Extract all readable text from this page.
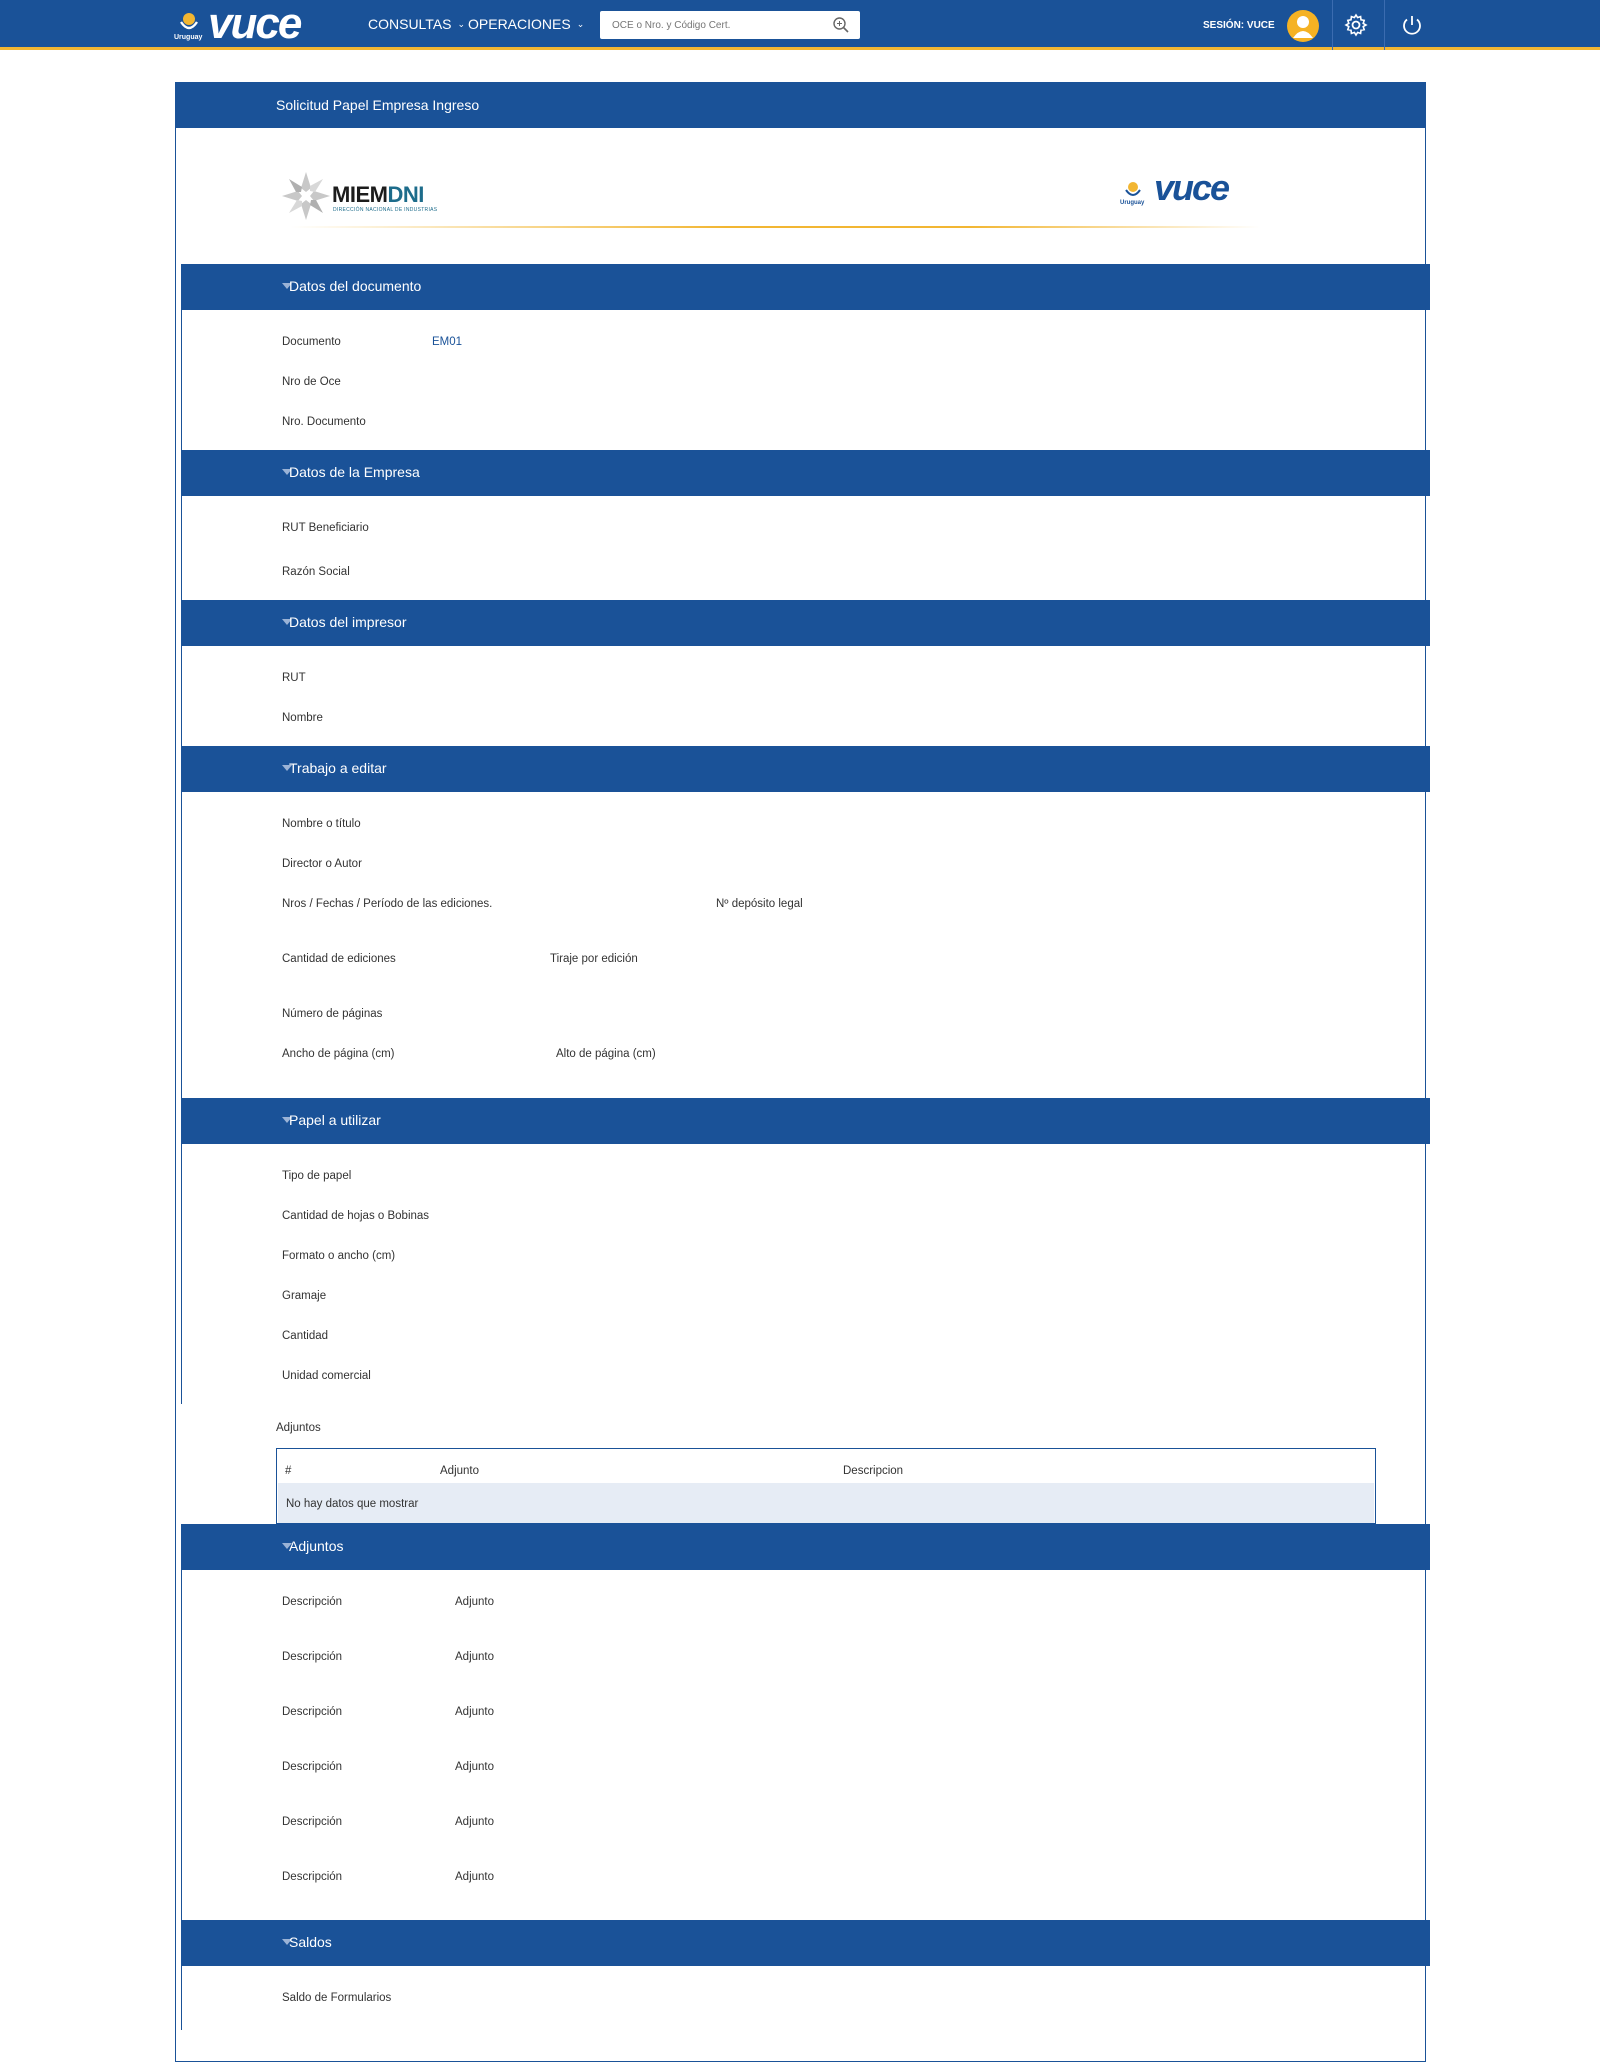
Uruguay vuce	CONSULTAS ⌄ OPERACIONES ⌄
OCE o Nro. y Código Cert.	SESIÓN: VUCE
Solicitud Papel Empresa Ingreso
MIEMDNI
DIRECCIÓN NACIONAL DE INDUSTRIAS
Uruguay vuce
Datos del documento
Documento	EM01
Nro de Oce
Nro. Documento
Datos de la Empresa
RUT Beneficiario
Razón Social
Datos del impresor
RUT
Nombre
Trabajo a editar
Nombre o título
Director o Autor
Nros / Fechas / Período de las ediciones.	Nº depósito legal
Cantidad de ediciones	Tiraje por edición
Número de páginas
Ancho de página (cm)	Alto de página (cm)
Papel a utilizar
Tipo de papel
Cantidad de hojas o Bobinas
Formato o ancho (cm)
Gramaje
Cantidad
Unidad comercial
Adjuntos
#	Adjunto	Descripcion
No hay datos que mostrar
Adjuntos
Descripción	Adjunto
Descripción	Adjunto
Descripción	Adjunto
Descripción	Adjunto
Descripción	Adjunto
Descripción	Adjunto
Saldos
Saldo de Formularios
